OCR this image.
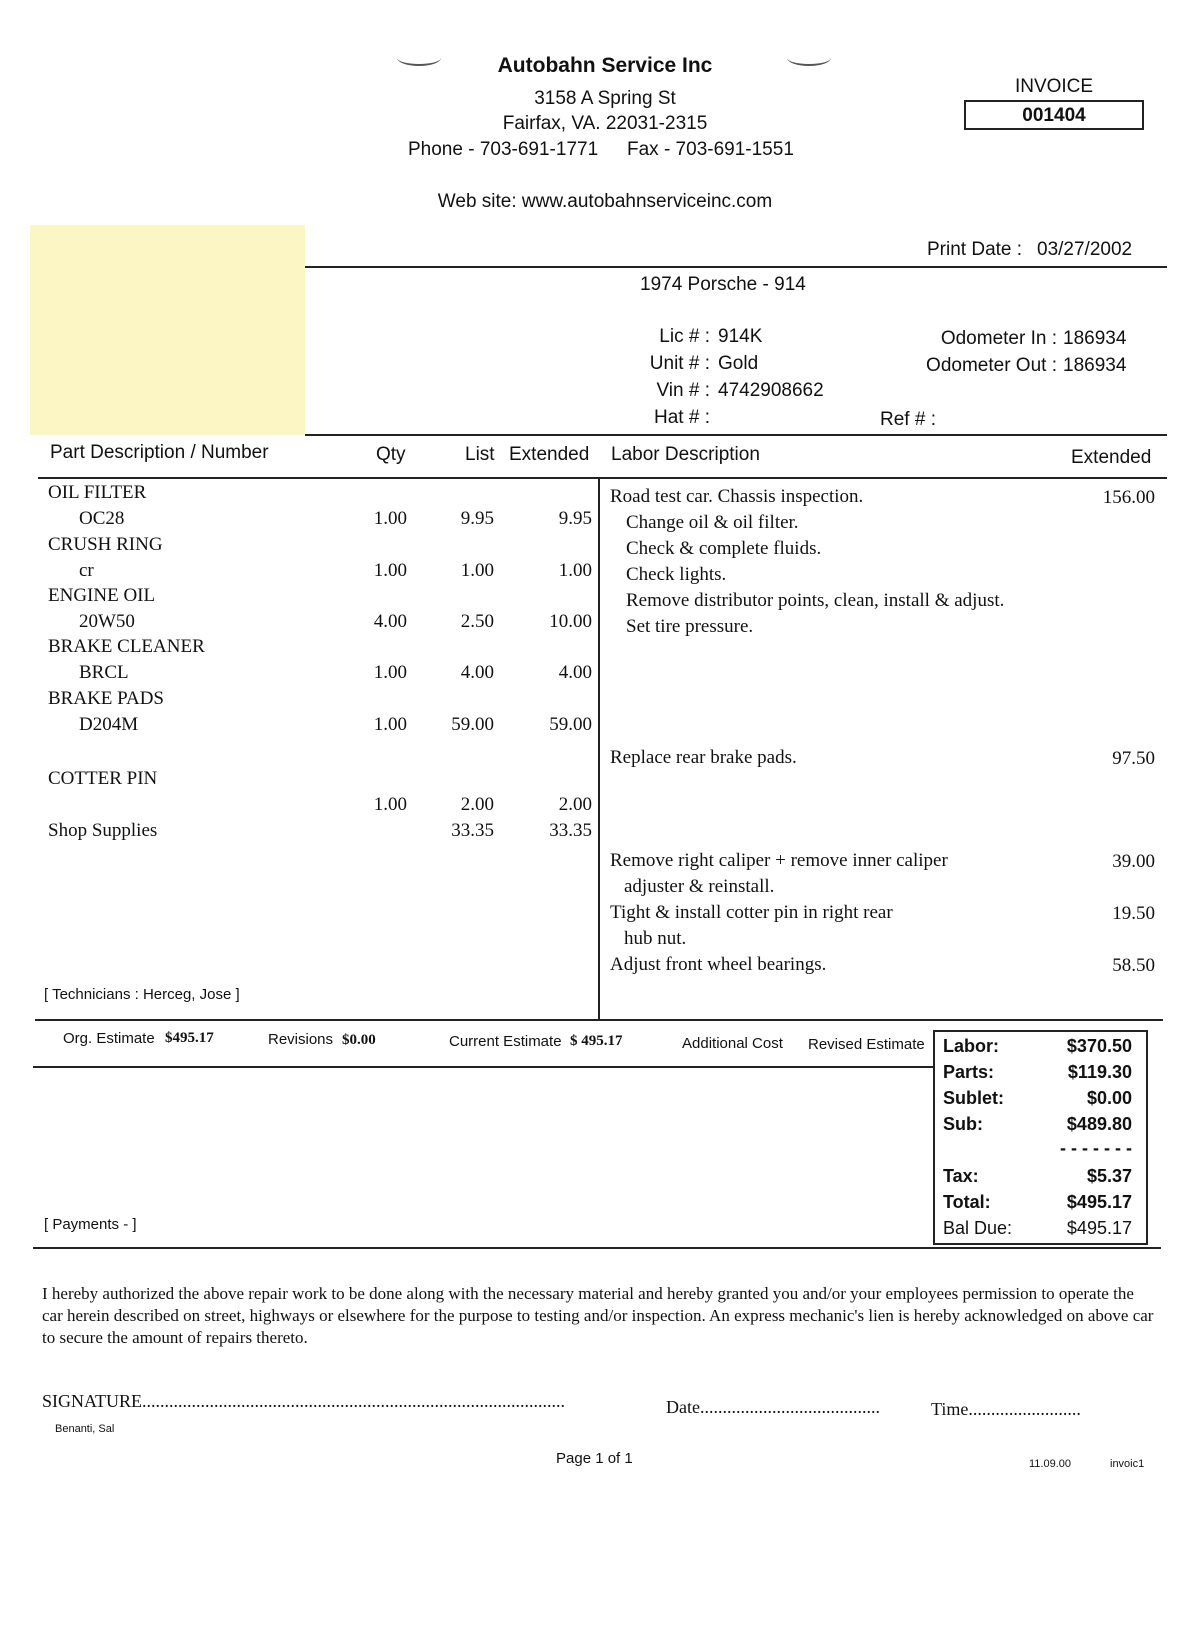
Autobahn Service Inc
3158 A Spring St
Fairfax, VA. 22031-2315
Phone - 703-691-1771 Fax - 703-691-1551
Web site: www.autobahnserviceinc.com
INVOICE
001404
Print Date : 03/27/2002
1974 Porsche - 914
Lic # : 914K
Unit # : Gold
Vin # : 4742908662
Hat # :	Ref # :
Odometer In : 186934
Odometer Out : 186934
Part Description / Number	Qty	List Extended Labor Description	Extended
OIL FILTER
OC28	1.00	9.95	9.95
CRUSH RING
cr	1.00	1.00	1.00
ENGINE OIL
20W50	4.00	2.50	10.00
BRAKE CLEANER
BRCL	1.00	4.00	4.00
BRAKE PADS
D204M	1.00	59.00	59.00
COTTER PIN
1.00	2.00	2.00
Shop Supplies	33.35	33.35
Road test car. Chassis inspection.
Change oil & oil filter.
Check & complete fluids.
Check lights.
Remove distributor points, clean, install & adjust.
Set tire pressure.
156.00
Replace rear brake pads.	97.50
Remove right caliper + remove inner caliper
adjuster & reinstall.
39.00
Tight & install cotter pin in right rear
hub nut.
19.50
Adjust front wheel bearings.	58.50
[ Technicians : Herceg, Jose ]
Org. Estimate $495.17	Revisions $0.00	Current Estimate $ 495.17	Additional Cost Revised Estimate Labor:	$370.50
Parts:	$119.30
Sublet:	$0.00
Sub:	$489.80
- - - - - - -
Tax:	$5.37
Total:	$495.17
Bal Due:	$495.17
[ Payments - ]
I hereby authorized the above repair work to be done along with the necessary material and hereby granted you and/or your employees permission to operate the car herein described on street, highways or elsewhere for the purpose to testing and/or inspection. An express mechanic's lien is hereby acknowledged on above car to secure the amount of repairs thereto.
SIGNATURE..............................................................................................	Date........................................	Time.........................
Benanti, Sal
Page 1 of 1	11.09.00	invoic1
